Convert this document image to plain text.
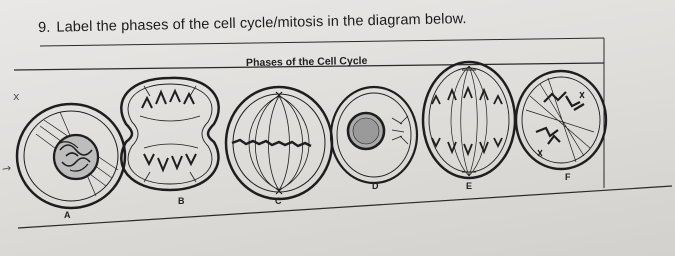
9. Label the phases of the cell cycle/mitosis in the diagram below.
x
→
Phases of the Cell Cycle
A
B	C
D	E
F
